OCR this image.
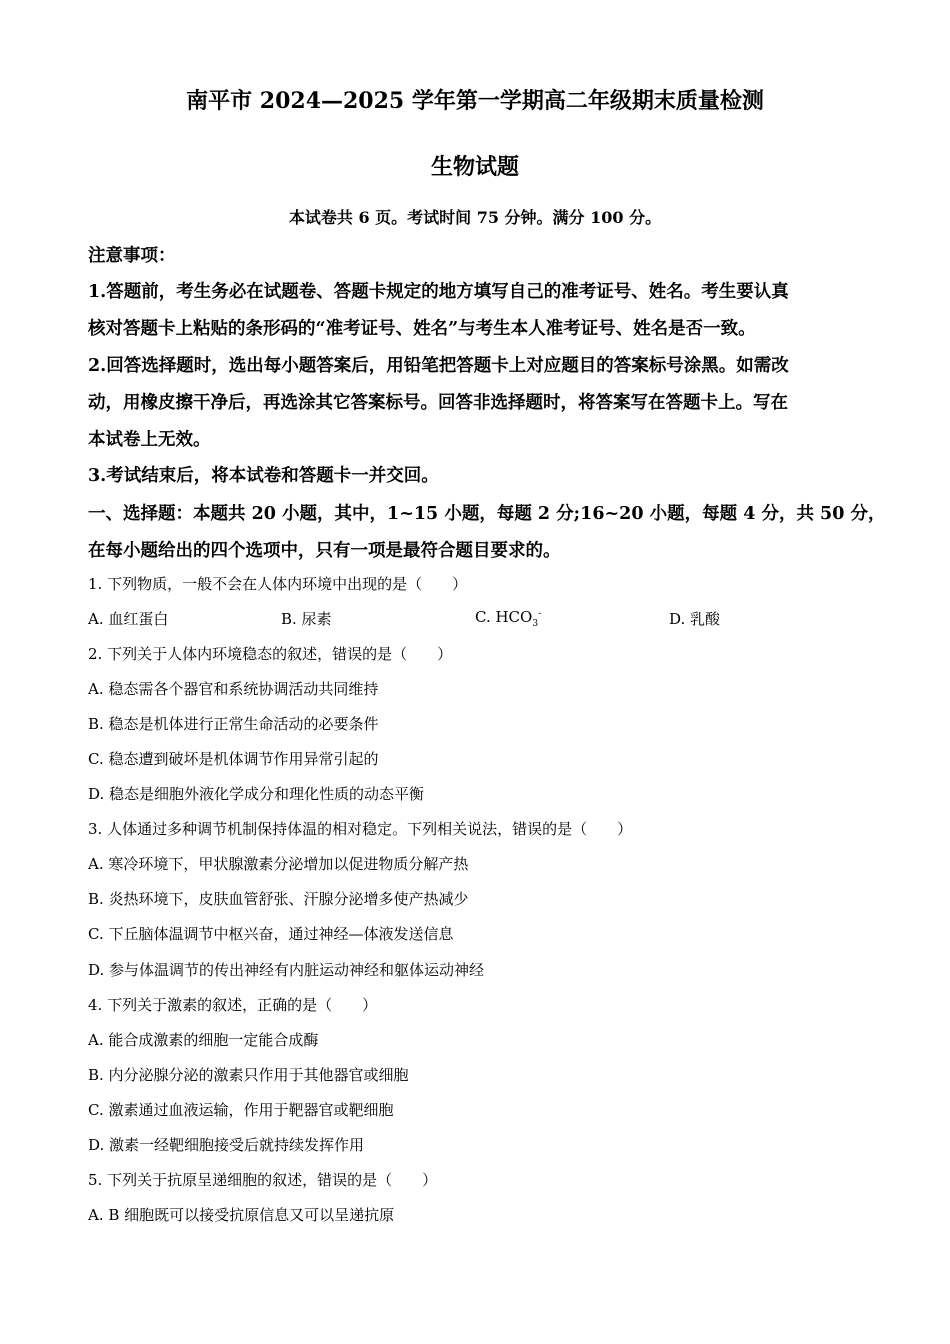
南平市 2024—2025 学年第一学期高二年级期末质量检测
生物试题
本试卷共 6 页。考试时间 75 分钟。满分 100 分。
注意事项：
1.答题前，考生务必在试题卷、答题卡规定的地方填写自己的准考证号、姓名。考生要认真
核对答题卡上粘贴的条形码的“准考证号、姓名”与考生本人准考证号、姓名是否一致。
2.回答选择题时，选出每小题答案后，用铅笔把答题卡上对应题目的答案标号涂黑。如需改
动，用橡皮擦干净后，再选涂其它答案标号。回答非选择题时，将答案写在答题卡上。写在
本试卷上无效。
3.考试结束后，将本试卷和答题卡一并交回。
一、选择题：本题共 20 小题，其中，1~15 小题，每题 2 分;16~20 小题，每题 4 分，共 50 分，
在每小题给出的四个选项中，只有一项是最符合题目要求的。
1. 下列物质，一般不会在人体内环境中出现的是（　　）
A. 血红蛋白	B. 尿素	C. $HCO_3^-$	D. 乳酸
2. 下列关于人体内环境稳态的叙述，错误的是（　　）
A. 稳态需各个器官和系统协调活动共同维持
B. 稳态是机体进行正常生命活动的必要条件
C. 稳态遭到破坏是机体调节作用异常引起的
D. 稳态是细胞外液化学成分和理化性质的动态平衡
3. 人体通过多种调节机制保持体温的相对稳定。下列相关说法，错误的是（　　）
A. 寒冷环境下，甲状腺激素分泌增加以促进物质分解产热
B. 炎热环境下，皮肤血管舒张、汗腺分泌增多使产热减少
C. 下丘脑体温调节中枢兴奋，通过神经—体液发送信息
D. 参与体温调节的传出神经有内脏运动神经和躯体运动神经
4. 下列关于激素的叙述，正确的是（　　）
A. 能合成激素的细胞一定能合成酶
B. 内分泌腺分泌的激素只作用于其他器官或细胞
C. 激素通过血液运输，作用于靶器官或靶细胞
D. 激素一经靶细胞接受后就持续发挥作用
5. 下列关于抗原呈递细胞的叙述，错误的是（　　）
A. B 细胞既可以接受抗原信息又可以呈递抗原
